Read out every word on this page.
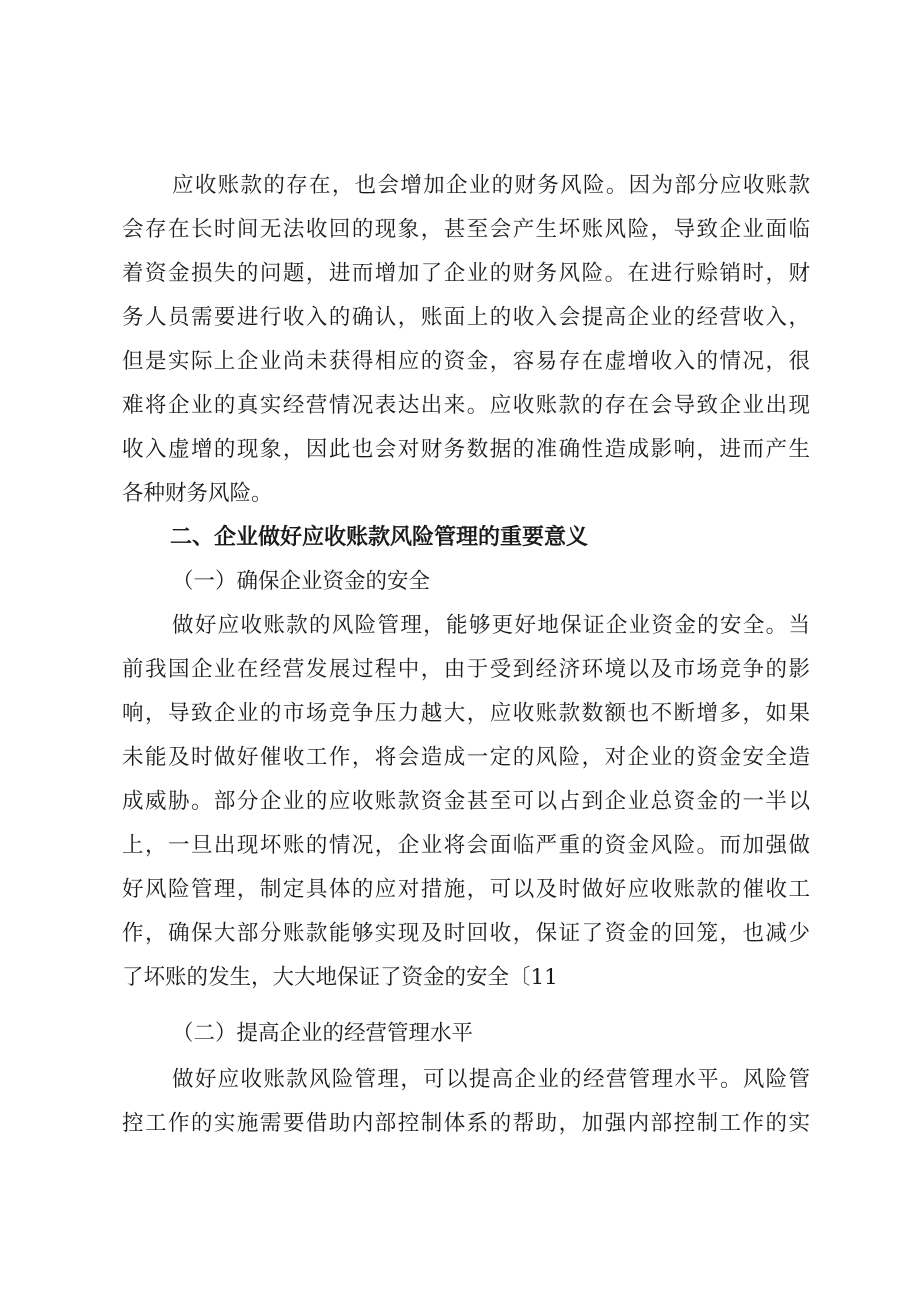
应收账款的存在，也会增加企业的财务风险。因为部分应收账款
会存在长时间无法收回的现象，甚至会产生坏账风险，导致企业面临
着资金损失的问题，进而增加了企业的财务风险。在进行赊销时，财
务人员需要进行收入的确认，账面上的收入会提高企业的经营收入，
但是实际上企业尚未获得相应的资金，容易存在虚增收入的情况，很
难将企业的真实经营情况表达出来。应收账款的存在会导致企业出现
收入虚增的现象，因此也会对财务数据的准确性造成影响，进而产生
各种财务风险。
二、企业做好应收账款风险管理的重要意义
（一）确保企业资金的安全
做好应收账款的风险管理，能够更好地保证企业资金的安全。当
前我国企业在经营发展过程中，由于受到经济环境以及市场竞争的影
响，导致企业的市场竞争压力越大，应收账款数额也不断增多，如果
未能及时做好催收工作，将会造成一定的风险，对企业的资金安全造
成威胁。部分企业的应收账款资金甚至可以占到企业总资金的一半以
上，一旦出现坏账的情况，企业将会面临严重的资金风险。而加强做
好风险管理，制定具体的应对措施，可以及时做好应收账款的催收工
作，确保大部分账款能够实现及时回收，保证了资金的回笼，也减少
了坏账的发生，大大地保证了资金的安全〔11
（二）提高企业的经营管理水平
做好应收账款风险管理，可以提高企业的经营管理水平。风险管
控工作的实施需要借助内部控制体系的帮助，加强内部控制工作的实
